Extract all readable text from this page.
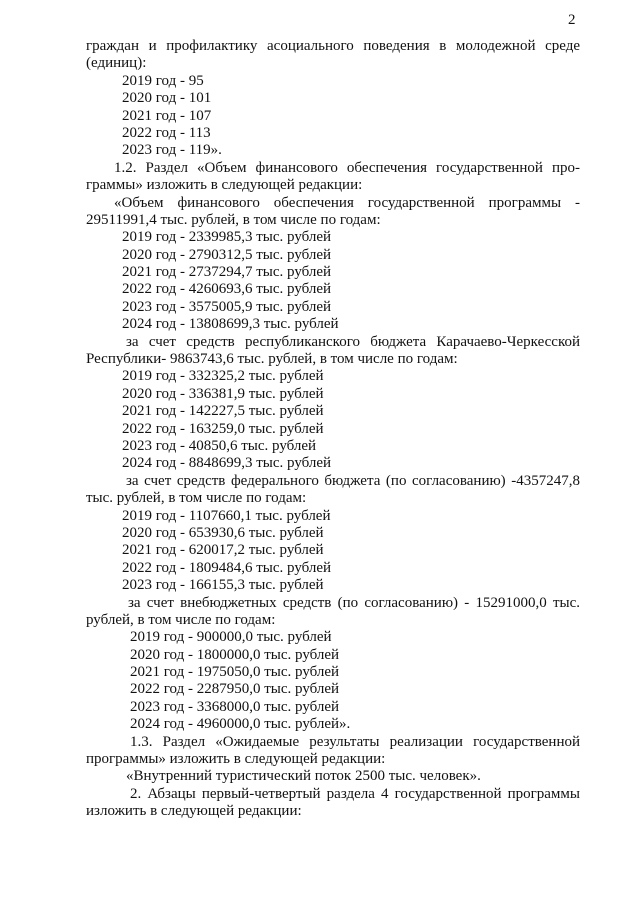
2
граждан и профилактику асоциального поведения в молодежной среде
(единиц):
2019 год - 95
2020 год - 101
2021 год - 107
2022 год - 113
2023 год - 119».
1.2. Раздел «Объем финансового обеспечения государственной про-
граммы» изложить в следующей редакции:
«Объем финансового обеспечения государственной программы -
29511991,4 тыс. рублей, в том числе по годам:
2019 год - 2339985,3 тыс. рублей
2020 год - 2790312,5 тыс. рублей
2021 год - 2737294,7 тыс. рублей
2022 год - 4260693,6 тыс. рублей
2023 год - 3575005,9 тыс. рублей
2024 год - 13808699,3 тыс. рублей
за счет средств республиканского бюджета Карачаево-Черкесской
Республики- 9863743,6 тыс. рублей, в том числе по годам:
2019 год - 332325,2 тыс. рублей
2020 год - 336381,9 тыс. рублей
2021 год - 142227,5 тыс. рублей
2022 год - 163259,0 тыс. рублей
2023 год - 40850,6 тыс. рублей
2024 год - 8848699,3 тыс. рублей
за счет средств федерального бюджета (по согласованию) -4357247,8
тыс. рублей, в том числе по годам:
2019 год - 1107660,1 тыс. рублей
2020 год - 653930,6 тыс. рублей
2021 год - 620017,2 тыс. рублей
2022 год - 1809484,6 тыс. рублей
2023 год - 166155,3 тыс. рублей
за счет внебюджетных средств (по согласованию) - 15291000,0 тыс.
рублей, в том числе по годам:
2019 год - 900000,0 тыс. рублей
2020 год - 1800000,0 тыс. рублей
2021 год - 1975050,0 тыс. рублей
2022 год - 2287950,0 тыс. рублей
2023 год - 3368000,0 тыс. рублей
2024 год - 4960000,0 тыс. рублей».
1.3. Раздел «Ожидаемые результаты реализации государственной
программы» изложить в следующей редакции:
«Внутренний туристический поток 2500 тыс. человек».
2. Абзацы первый-четвертый раздела 4 государственной программы
изложить в следующей редакции:
